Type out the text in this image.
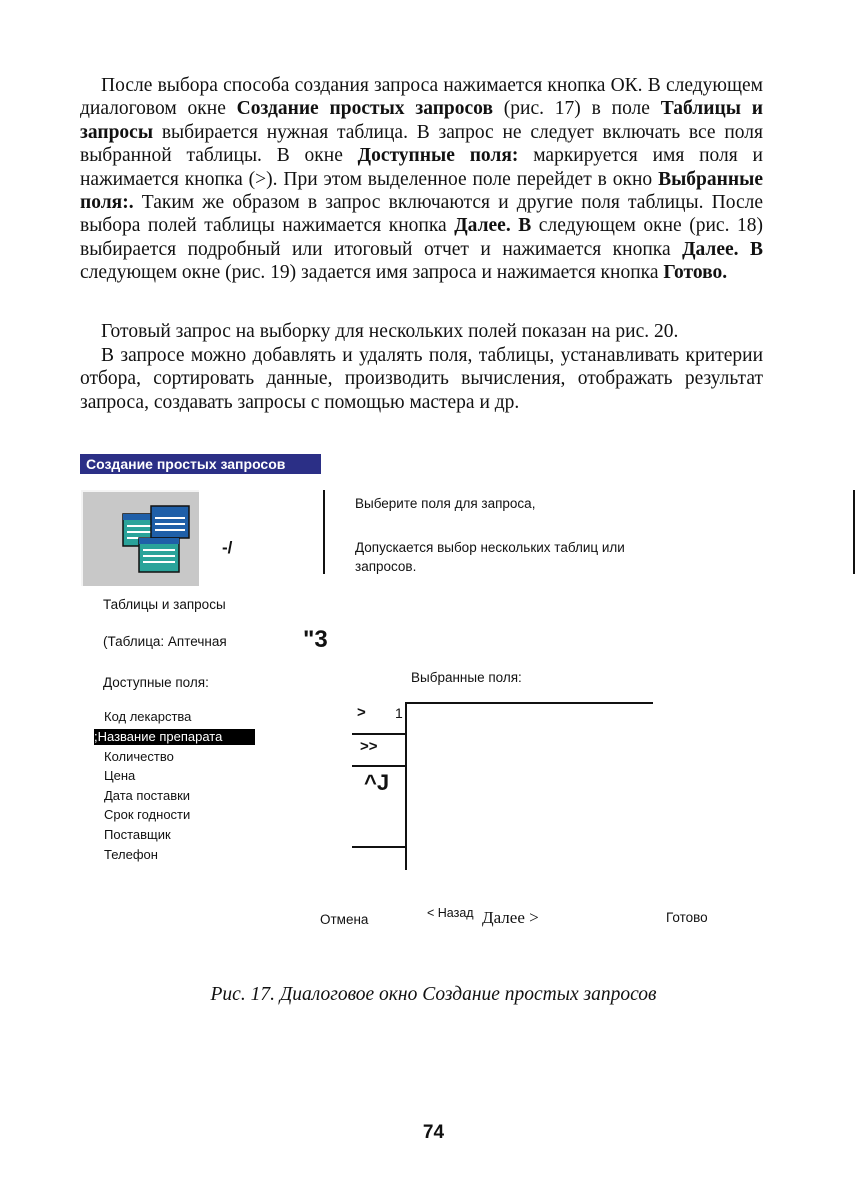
После выбора способа создания запроса нажимается кнопка ОК. В следующем диалоговом окне Создание простых запросов (рис. 17) в поле Таблицы и запросы выбирается нужная таблица. В запрос не следует включать все поля выбранной таблицы. В окне Доступные поля: маркируется имя поля и нажимается кнопка (>). При этом выделенное поле перейдет в окно Выбранные поля:. Таким же образом в запрос включаются и другие поля таблицы. После выбора полей таблицы нажимается кнопка Далее. В следующем окне (рис. 18) выбирается подробный или итоговый отчет и нажимается кнопка Далее. В следующем окне (рис. 19) задается имя запроса и нажимается кнопка Готово.

Готовый запрос на выборку для нескольких полей показан на рис. 20.

В запросе можно добавлять и удалять поля, таблицы, устанавливать критерии отбора, сортировать данные, производить вычисления, отображать результат запроса, создавать запросы с помощью мастера и др.

Создание простых запросов
-/
Выберите поля для запроса,
Допускается выбор нескольких таблиц или
запросов.
Таблицы и запросы
(Таблица: Аптечная	"3
Доступные поля:	Выбранные поля:
Код лекарства
;Название препарата
Количество
Цена
Дата поставки
Срок годности
Поставщик
Телефон
> 1
>>
^J
Отмена	< Назад Далее >	Готово
Рис. 17. Диалоговое окно Создание простых запросов
74
